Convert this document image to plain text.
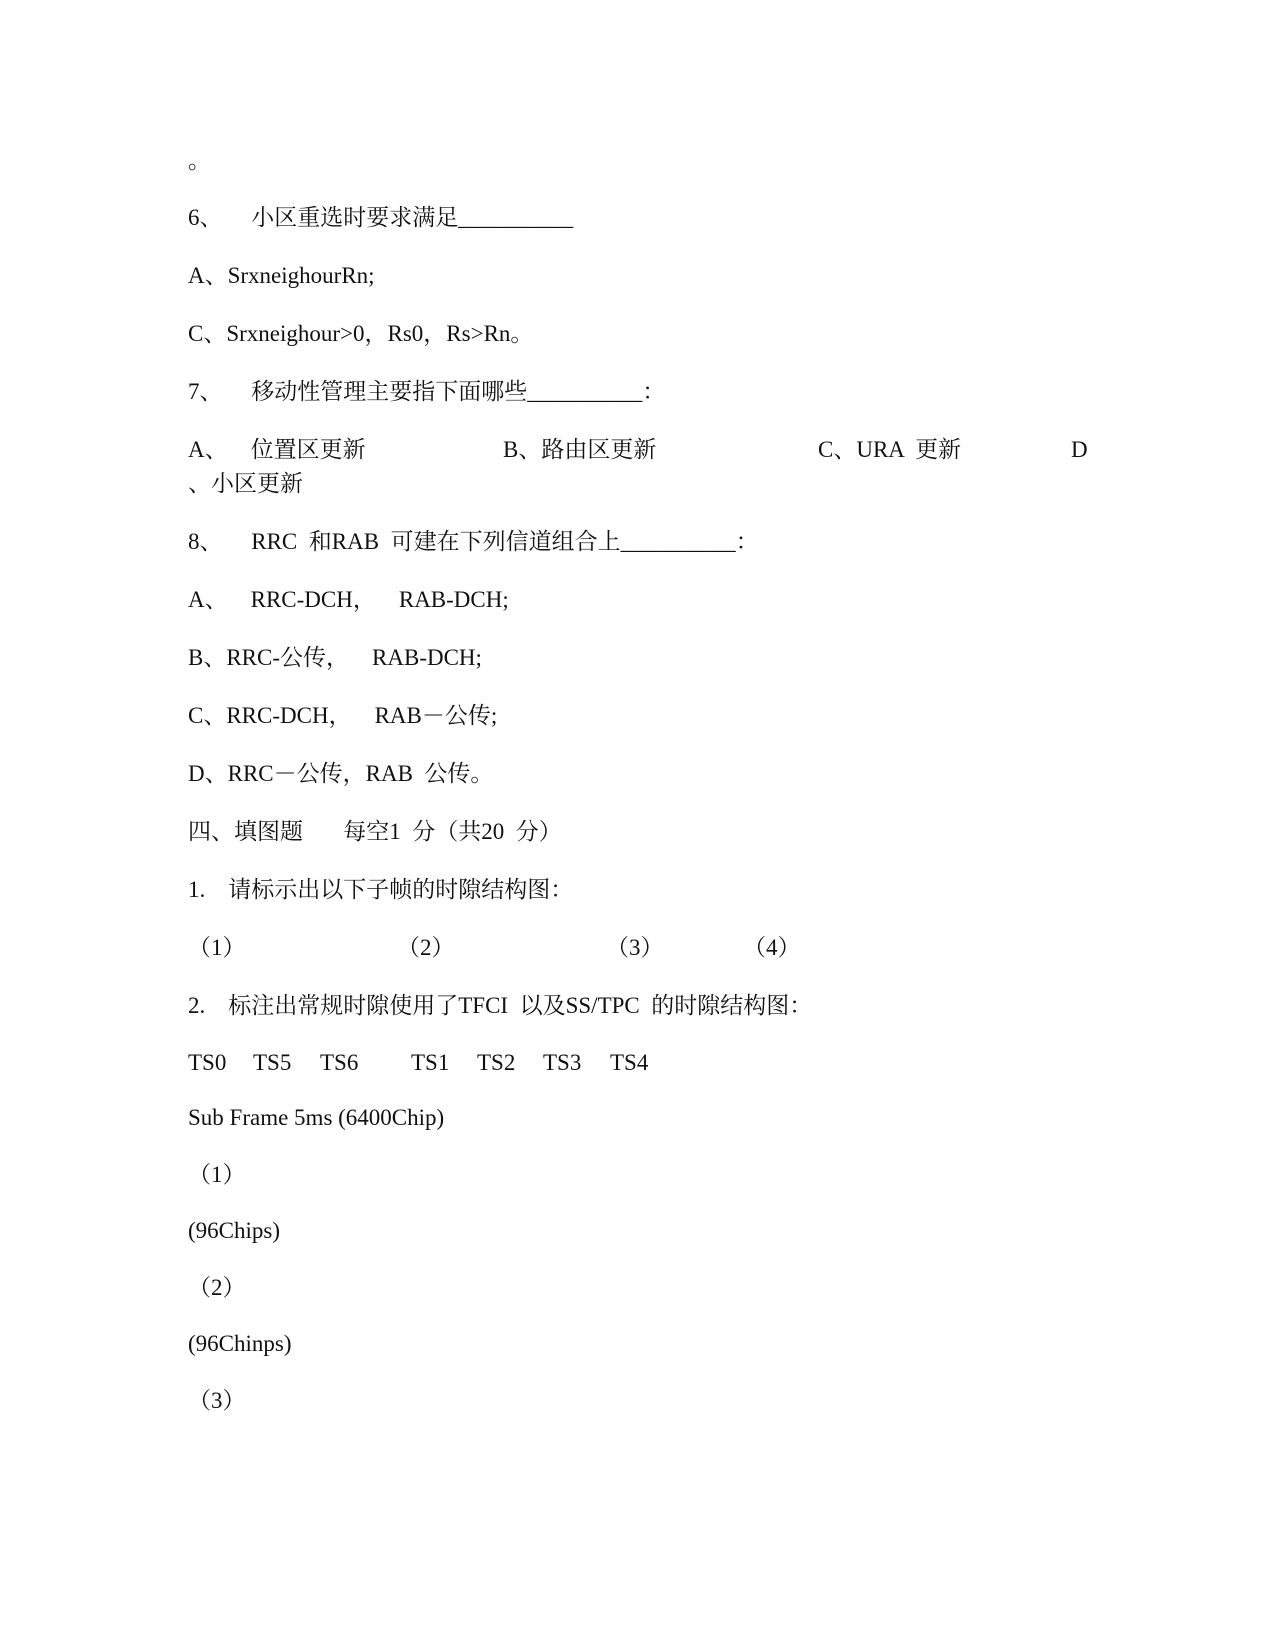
。
6、     小区重选时要求满足__________
A、SrxneighourRn;
C、Srxneighour>0，Rs0，Rs>Rn。
7、     移动性管理主要指下面哪些__________：
A、    位置区更新	B、路由区更新	C、URA  更新	D
、小区更新
8、     RRC  和RAB  可建在下列信道组合上__________：
A、    RRC-DCH，    RAB-DCH;
B、RRC-公传，    RAB-DCH;
C、RRC-DCH，    RAB－公传;
D、RRC－公传，RAB  公传。
四、填图题       每空1  分（共20  分）
1.    请标示出以下子帧的时隙结构图：
（1）	（2）	（3）	（4）
2.    标注出常规时隙使用了TFCI  以及SS/TPC  的时隙结构图：
TS0 TS5 TS6 TS1 TS2 TS3 TS4
Sub Frame 5ms (6400Chip)
（1）
(96Chips)
（2）
(96Chinps)
（3）
